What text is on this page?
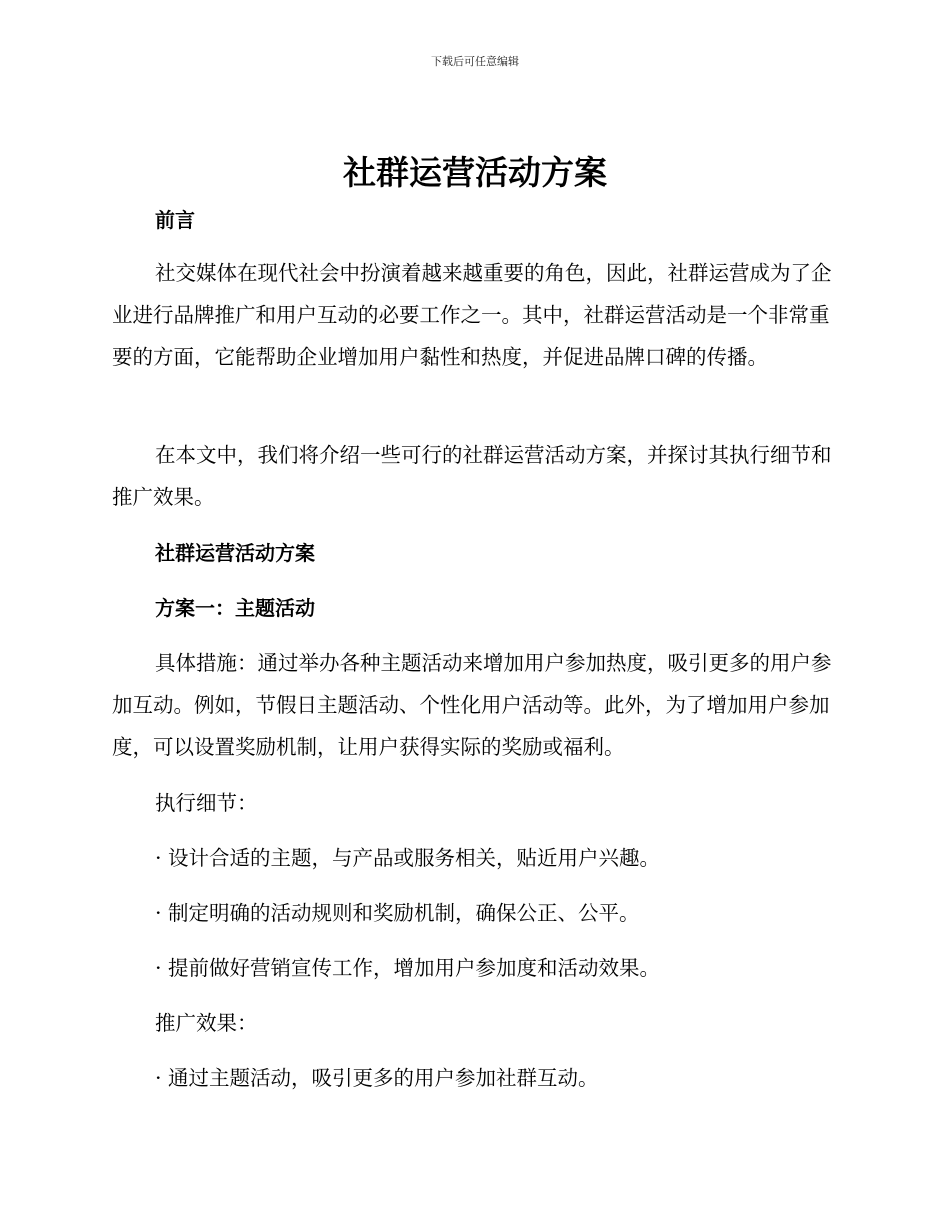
下载后可任意编辑
社群运营活动方案
前言

社交媒体在现代社会中扮演着越来越重要的角色，因此，社群运营成为了企业进行品牌推广和用户互动的必要工作之一。其中，社群运营活动是一个非常重要的方面，它能帮助企业增加用户黏性和热度，并促进品牌口碑的传播。

在本文中，我们将介绍一些可行的社群运营活动方案，并探讨其执行细节和推广效果。

社群运营活动方案
方案一：主题活动

具体措施：通过举办各种主题活动来增加用户参加热度，吸引更多的用户参加互动。例如，节假日主题活动、个性化用户活动等。此外，为了增加用户参加度，可以设置奖励机制，让用户获得实际的奖励或福利。

执行细节：

· 设计合适的主题，与产品或服务相关，贴近用户兴趣。

· 制定明确的活动规则和奖励机制，确保公正、公平。

· 提前做好营销宣传工作，增加用户参加度和活动效果。

推广效果：

· 通过主题活动，吸引更多的用户参加社群互动。
